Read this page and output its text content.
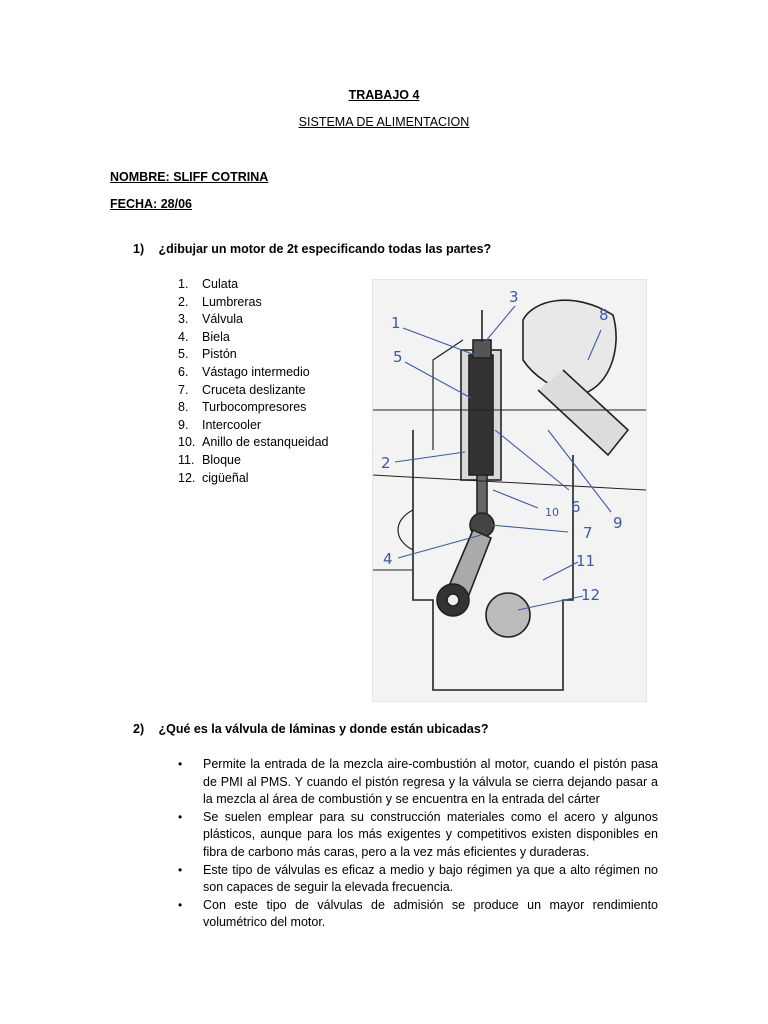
TRABAJO 4
SISTEMA DE ALIMENTACION
NOMBRE: SLIFF COTRINA
FECHA: 28/06
1) ¿dibujar un motor de 2t especificando todas las partes?
1. Culata
2. Lumbreras
3. Válvula
4. Biela
5. Pistón
6. Vástago intermedio
7. Cruceta deslizante
8. Turbocompresores
9. Intercooler
10. Anillo de estanqueidad
11. Bloque
12. cigüeñal
1
3
8
5
2
6
10
7
9
4	11
12
2) ¿Qué es la válvula de láminas y donde están ubicadas?
• Permite la entrada de la mezcla aire-combustión al motor, cuando el pistón pasa de PMI al PMS. Y cuando el pistón regresa y la válvula se cierra dejando pasar a la mezcla al área de combustión y se encuentra en la entrada del cárter
• Se suelen emplear para su construcción materiales como el acero y algunos plásticos, aunque para los más exigentes y competitivos existen disponibles en fibra de carbono más caras, pero a la vez más eficientes y duraderas.
• Este tipo de válvulas es eficaz a medio y bajo régimen ya que a alto régimen no son capaces de seguir la elevada frecuencia.
• Con este tipo de válvulas de admisión se produce un mayor rendimiento volumétrico del motor.
